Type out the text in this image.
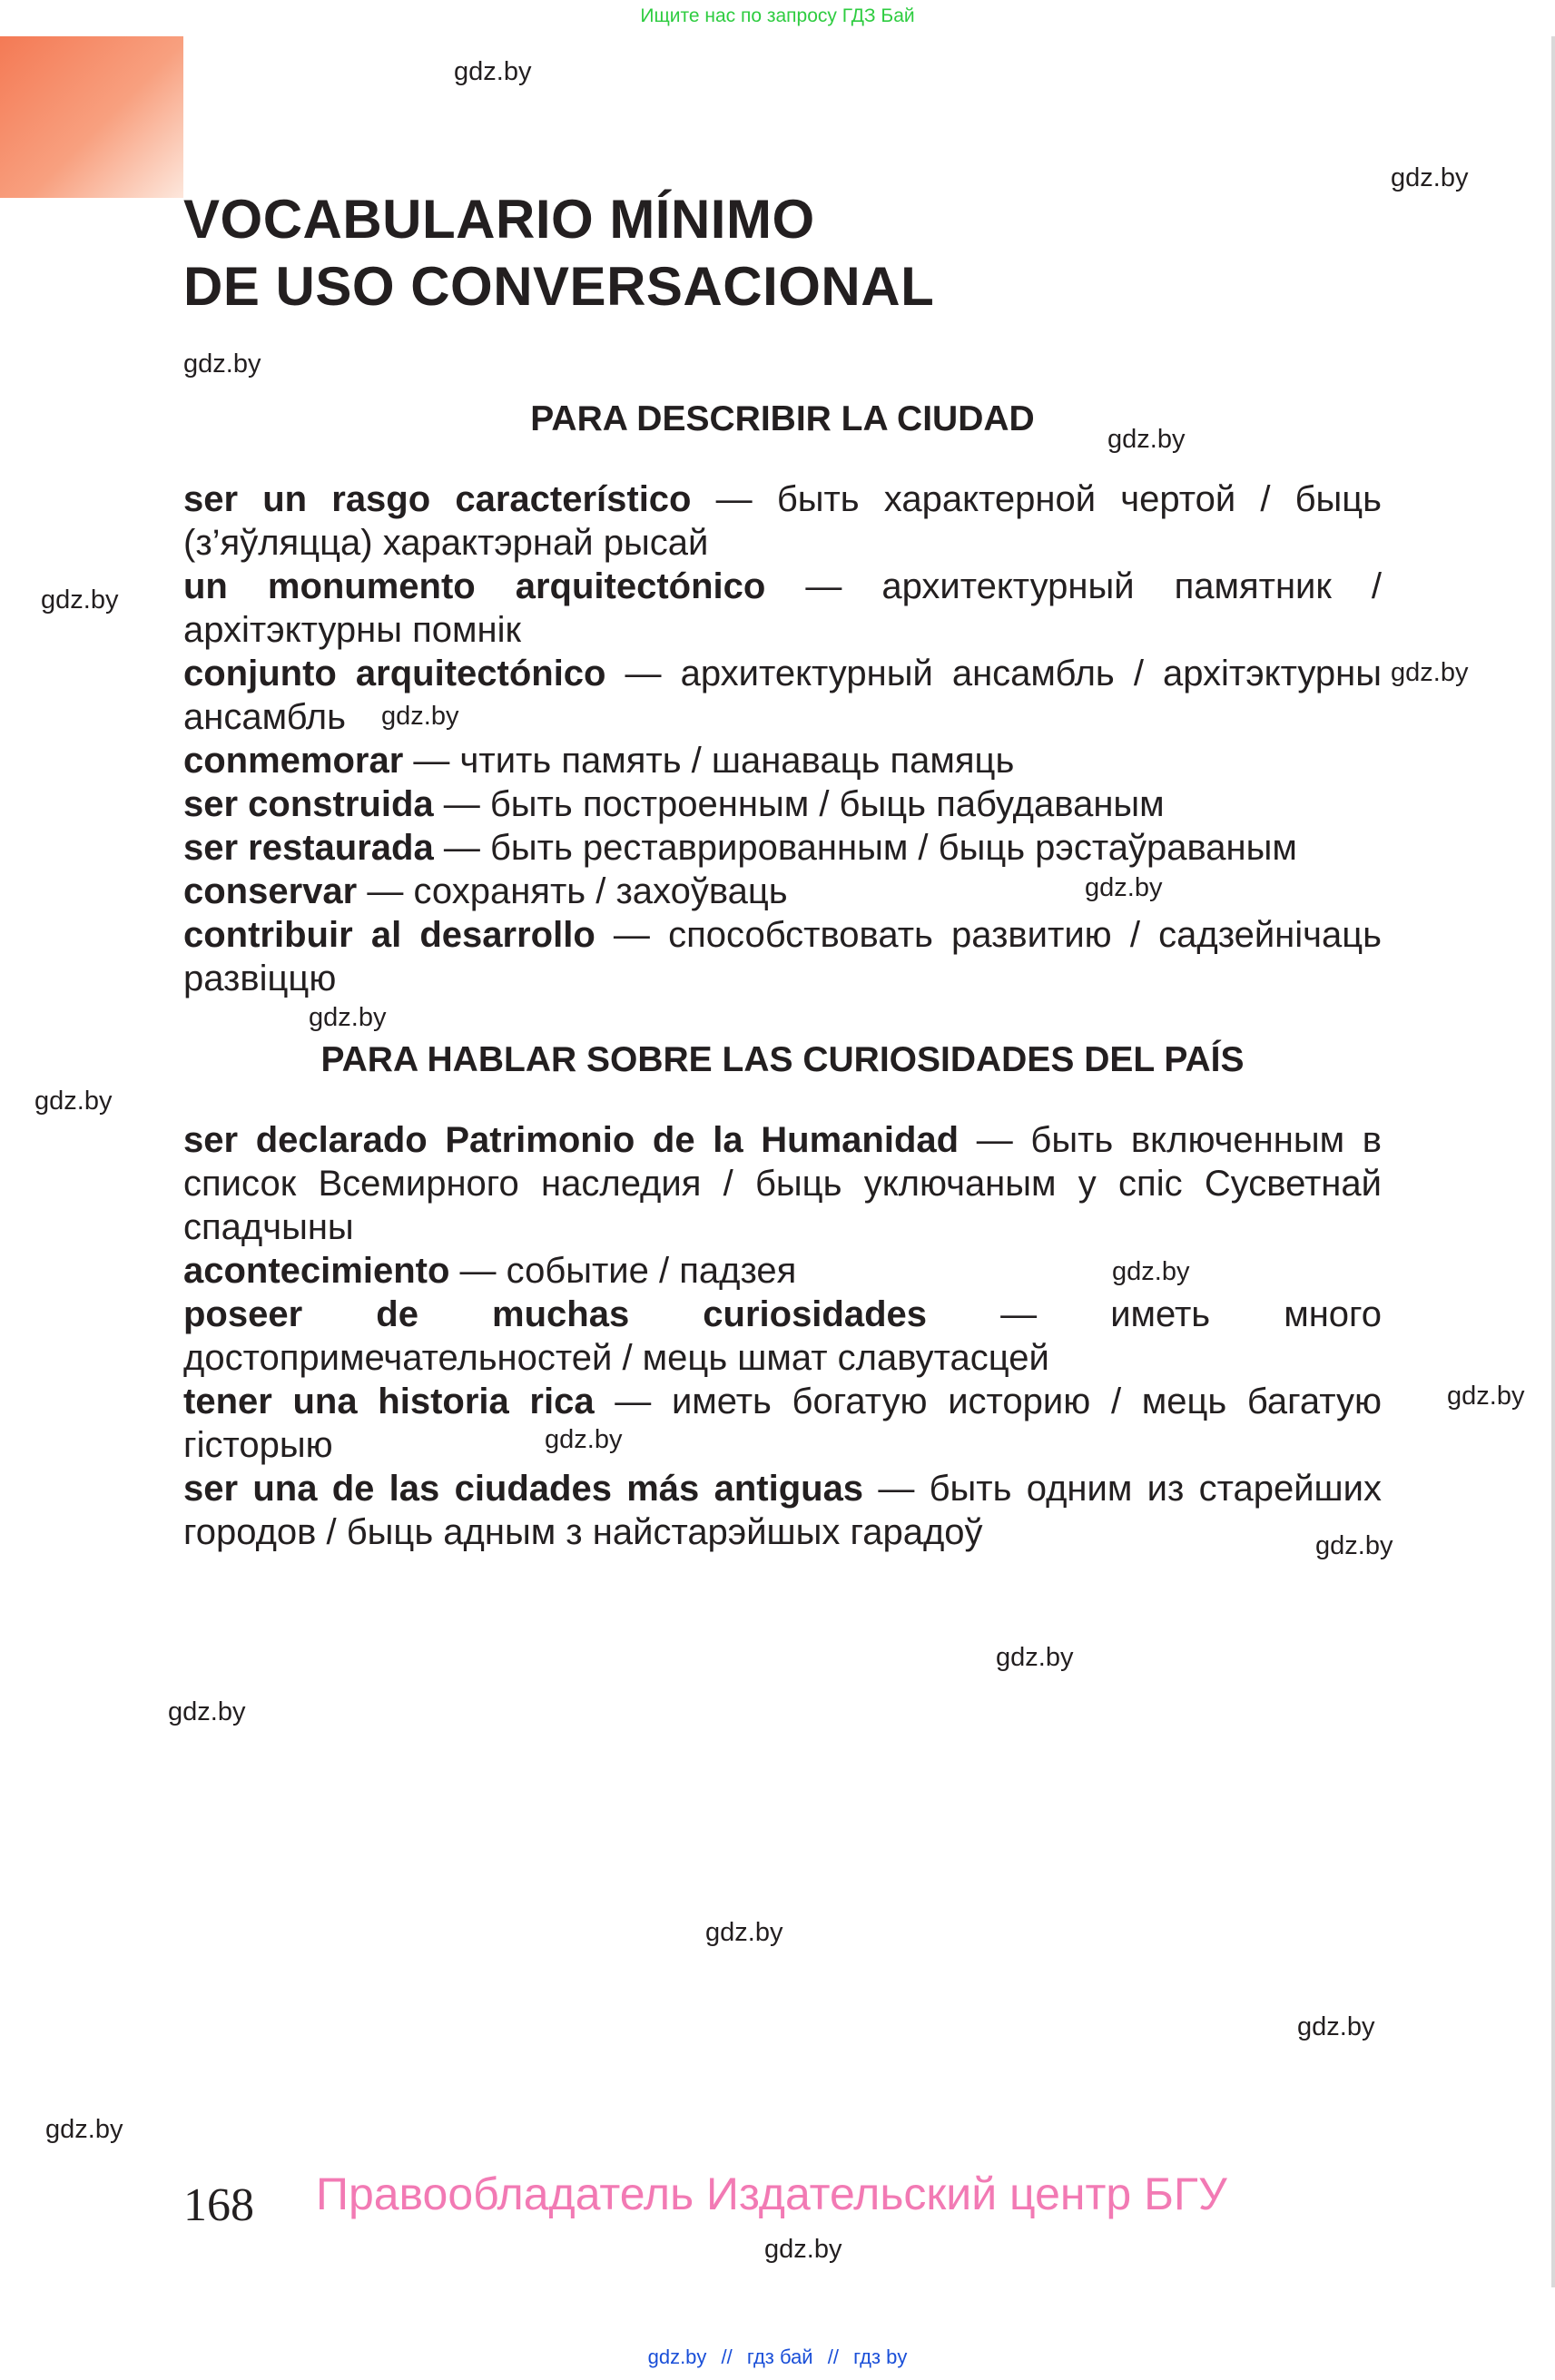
Ищите нас по запросу ГДЗ Бай
VOCABULARIO MÍNIMO
DE USO CONVERSACIONAL
PARA DESCRIBIR LA CIUDAD
ser un rasgo característico — быть характерной чертой / быць (з’яўляцца) характэрнай рысай
un monumento arquitectónico — архитектурный памятник / архітэктурны помнік
conjunto arquitectónico — архитектурный ансамбль / архітэктурны ансамбль
conmemorar — чтить память / шанаваць памяць
ser construida — быть построенным / быць пабудаваным
ser restaurada — быть реставрированным / быць рэстаўраваным
conservar — сохранять / захоўваць
contribuir al desarrollo — способствовать развитию / садзейнічаць развіццю
PARA HABLAR SOBRE LAS CURIOSIDADES DEL PAÍS
ser declarado Patrimonio de la Humanidad — быть включенным в список Всемирного наследия / быць уключаным у спіс Сусветнай спадчыны
acontecimiento — событие / падзея
poseer de muchas curiosidades — иметь много достопримечательностей / мець шмат славутасцей
tener una historia rica — иметь богатую историю / мець багатую гісторыю
ser una de las ciudades más antiguas — быть одним из старейших городов / быць адным з найстарэйшых гарадоў
gdz.by
gdz.by
gdz.by
gdz.by
gdz.by
gdz.by
gdz.by
gdz.by
gdz.by
gdz.by
gdz.by
gdz.by
gdz.by
gdz.by
gdz.by
gdz.by
gdz.by
gdz.by
gdz.by
gdz.by
168 Правообладатель Издательский центр БГУ
gdz.by // гдз бай // гдз by
